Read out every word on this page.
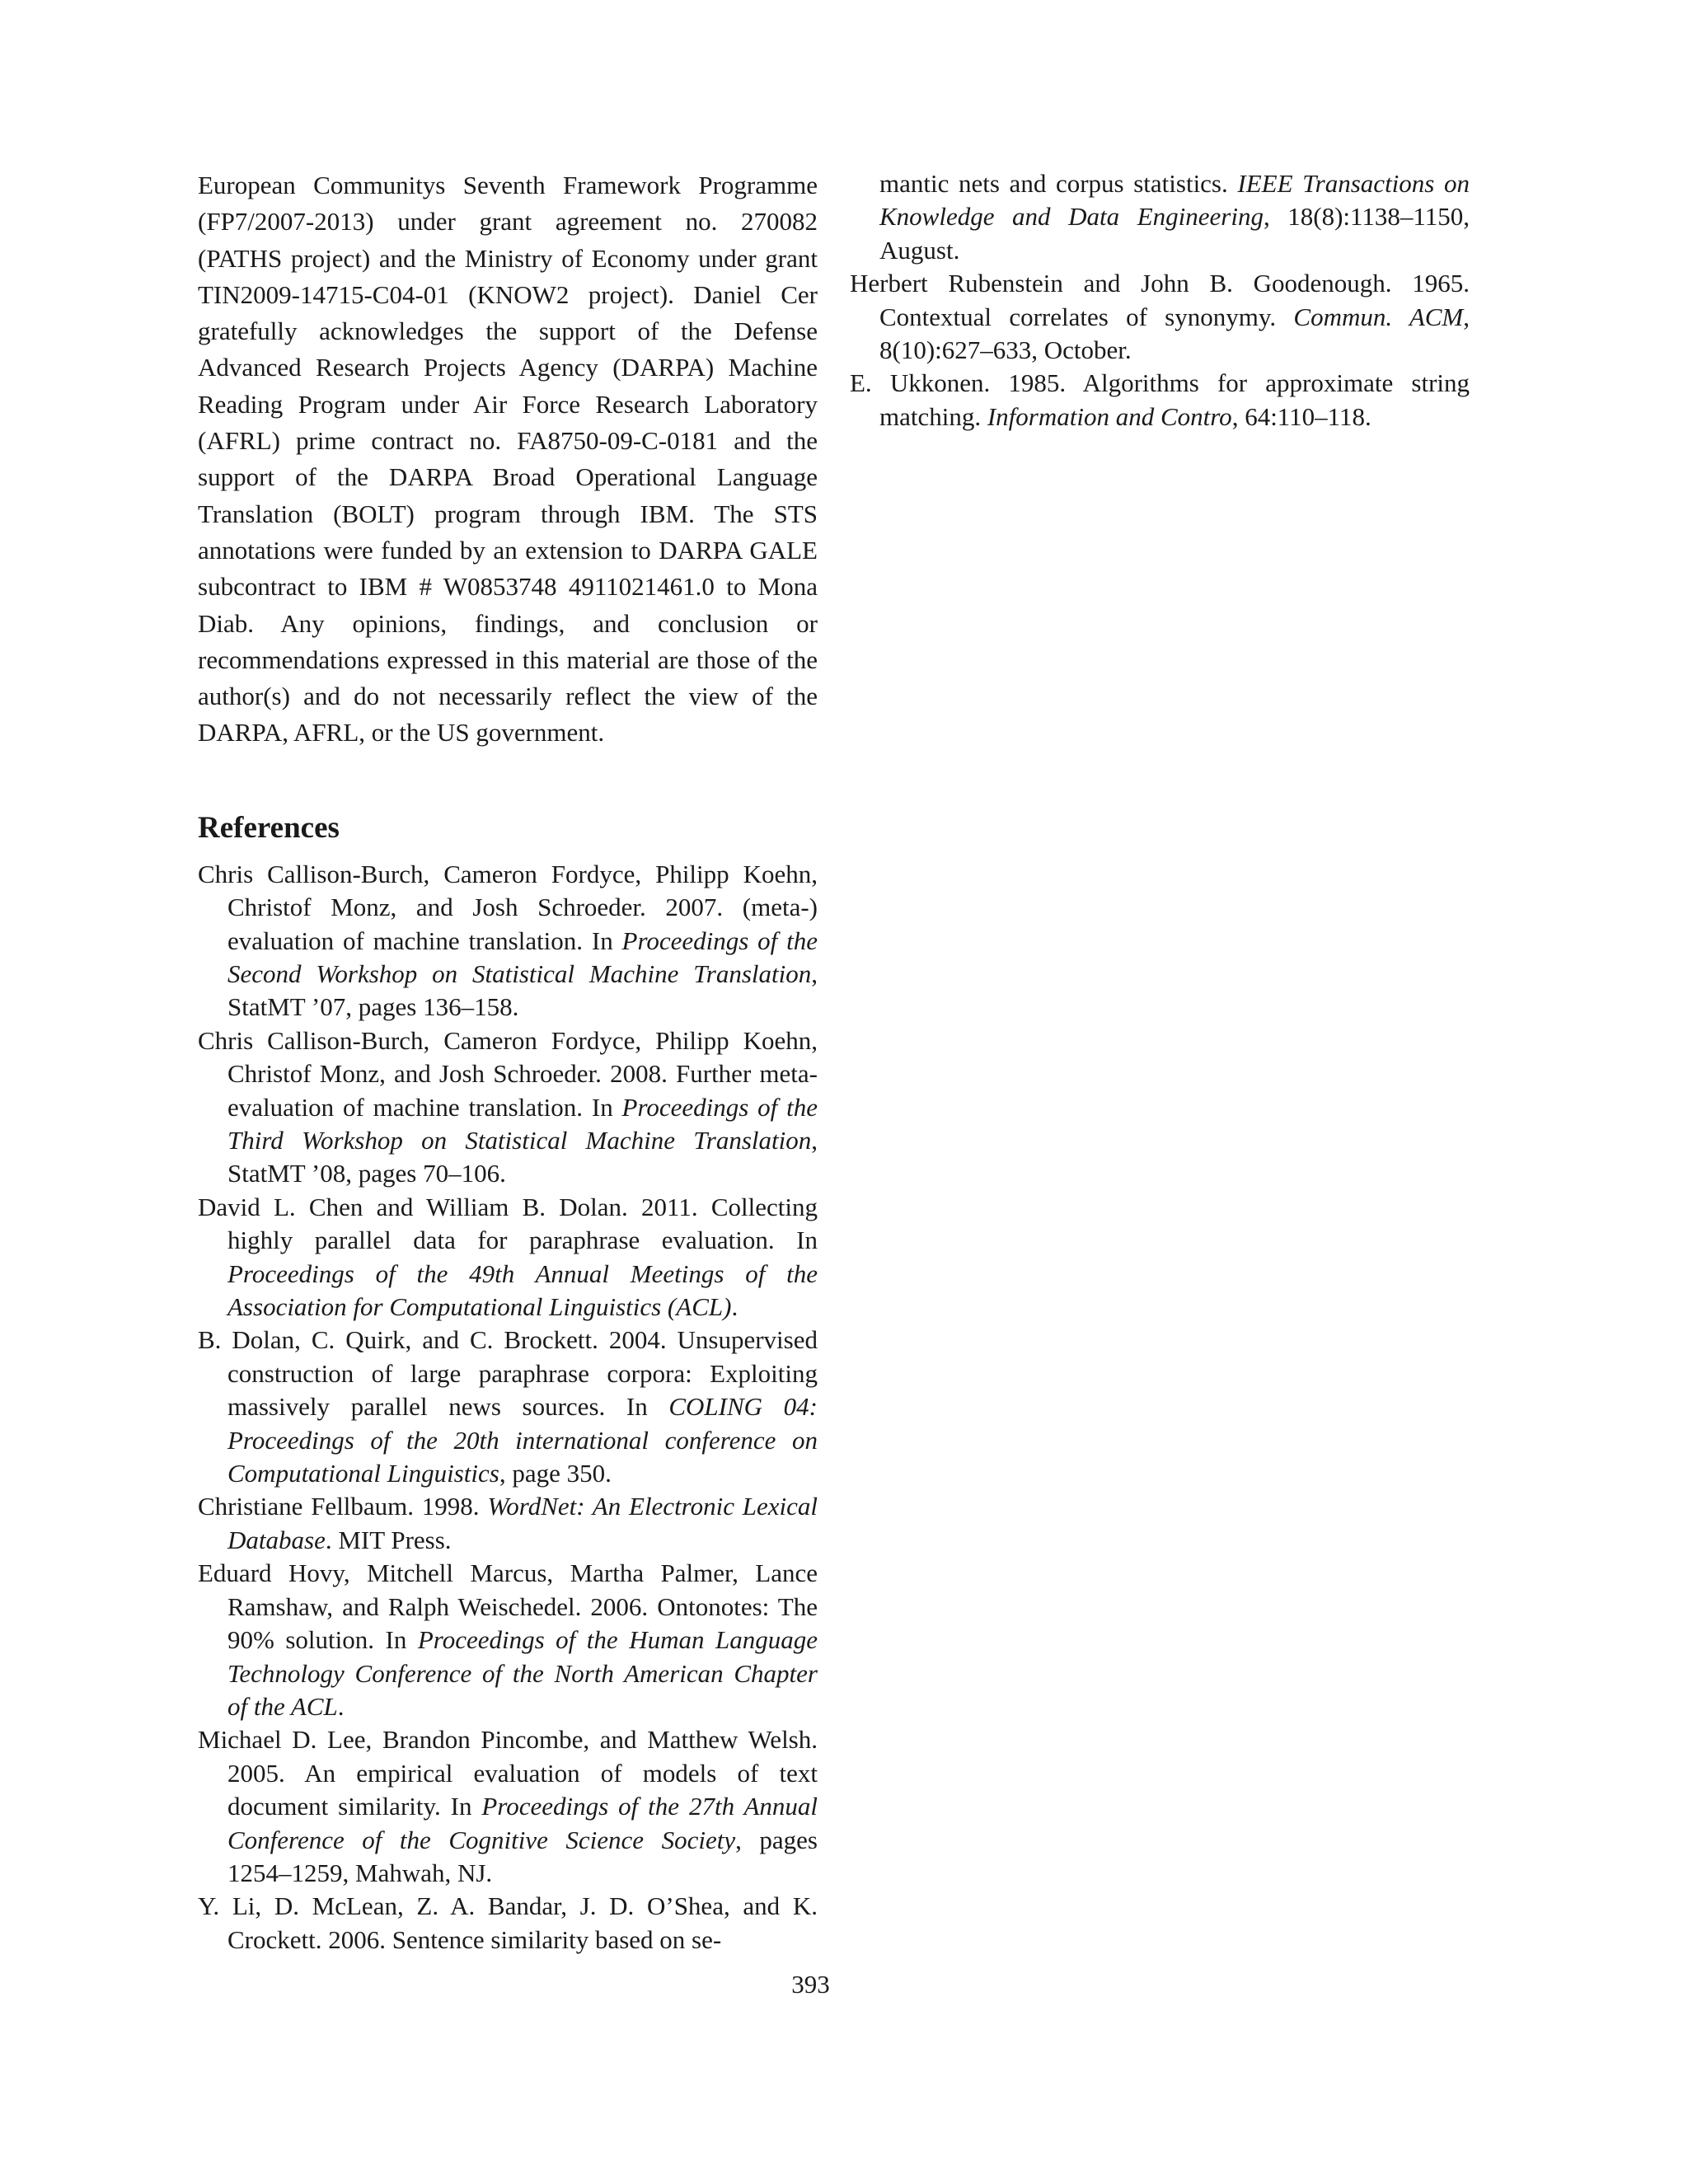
European Communitys Seventh Framework Programme (FP7/2007-2013) under grant agreement no. 270082 (PATHS project) and the Ministry of Economy under grant TIN2009-14715-C04-01 (KNOW2 project). Daniel Cer gratefully acknowledges the support of the Defense Advanced Research Projects Agency (DARPA) Machine Reading Program under Air Force Research Laboratory (AFRL) prime contract no. FA8750-09-C-0181 and the support of the DARPA Broad Operational Language Translation (BOLT) program through IBM. The STS annotations were funded by an extension to DARPA GALE subcontract to IBM # W0853748 4911021461.0 to Mona Diab. Any opinions, findings, and conclusion or recommendations expressed in this material are those of the author(s) and do not necessarily reflect the view of the DARPA, AFRL, or the US government.

References

Chris Callison-Burch, Cameron Fordyce, Philipp Koehn, Christof Monz, and Josh Schroeder. 2007. (meta-) evaluation of machine translation. In Proceedings of the Second Workshop on Statistical Machine Translation, StatMT ’07, pages 136–158.

Chris Callison-Burch, Cameron Fordyce, Philipp Koehn, Christof Monz, and Josh Schroeder. 2008. Further meta-evaluation of machine translation. In Proceedings of the Third Workshop on Statistical Machine Translation, StatMT ’08, pages 70–106.

David L. Chen and William B. Dolan. 2011. Collecting highly parallel data for paraphrase evaluation. In Proceedings of the 49th Annual Meetings of the Association for Computational Linguistics (ACL).

B. Dolan, C. Quirk, and C. Brockett. 2004. Unsupervised construction of large paraphrase corpora: Exploiting massively parallel news sources. In COLING 04: Proceedings of the 20th international conference on Computational Linguistics, page 350.

Christiane Fellbaum. 1998. WordNet: An Electronic Lexical Database. MIT Press.

Eduard Hovy, Mitchell Marcus, Martha Palmer, Lance Ramshaw, and Ralph Weischedel. 2006. Ontonotes: The 90% solution. In Proceedings of the Human Language Technology Conference of the North American Chapter of the ACL.

Michael D. Lee, Brandon Pincombe, and Matthew Welsh. 2005. An empirical evaluation of models of text document similarity. In Proceedings of the 27th Annual Conference of the Cognitive Science Society, pages 1254–1259, Mahwah, NJ.

Y. Li, D. McLean, Z. A. Bandar, J. D. O’Shea, and K. Crockett. 2006. Sentence similarity based on se-

mantic nets and corpus statistics. IEEE Transactions on Knowledge and Data Engineering, 18(8):1138–1150, August.

Herbert Rubenstein and John B. Goodenough. 1965. Contextual correlates of synonymy. Commun. ACM, 8(10):627–633, October.

E. Ukkonen. 1985. Algorithms for approximate string matching. Information and Contro, 64:110–118.

393
